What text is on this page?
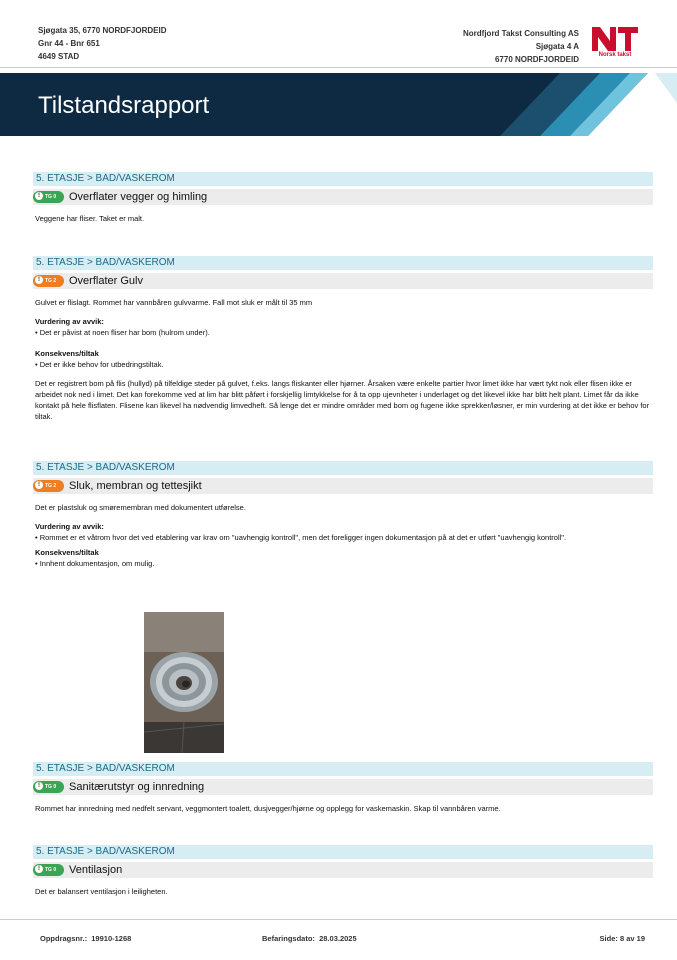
Sjøgata 35, 6770 NORDFJORDEID
Gnr 44 - Bnr 651
4649 STAD
Nordfjord Takst Consulting AS
Sjøgata 4 A
6770 NORDFJORDEID	Norsk takst
Tilstandsrapport
5. ETASJE > BAD/VASKEROM
! TG 0	Overflater vegger og himling
Veggene har fliser. Taket er malt.
5. ETASJE > BAD/VASKEROM
! TG 2	Overflater Gulv
Gulvet er flislagt. Rommet har vannbåren gulvvarme. Fall mot sluk er målt til 35 mm
Vurdering av avvik:
• Det er påvist at noen fliser har bom (hulrom under).
Konsekvens/tiltak
• Det er ikke behov for utbedringstiltak.
Det er registrert bom på flis (hullyd) på tilfeldige steder på gulvet, f.eks. langs fliskanter eller hjørner. Årsaken være enkelte partier hvor limet ikke har vært tykt nok eller flisen ikke er arbeidet nok ned i limet. Det kan forekomme ved at lim har blitt påført i forskjellig limtykkelse for å ta opp ujevnheter i underlaget og det likevel ikke har blitt helt plant. Limet får da ikke kontakt på hele flisflaten. Flisene kan likevel ha nødvendig limvedheft. Så lenge det er mindre områder med bom og fugene ikke sprekker/løsner, er min vurdering at det ikke er behov for tiltak.
5. ETASJE > BAD/VASKEROM
! TG 2	Sluk, membran og tettesjikt
Det er plastsluk og smøremembran med dokumentert utførelse.
Vurdering av avvik:
• Rommet er et våtrom hvor det ved etablering var krav om "uavhengig kontroll", men det foreligger ingen dokumentasjon på at det er utført "uavhengig kontroll".
Konsekvens/tiltak
• Innhent dokumentasjon, om mulig.
5. ETASJE > BAD/VASKEROM
! TG 0	Sanitærutstyr og innredning
Rommet har innredning med nedfelt servant, veggmontert toalett, dusjvegger/hjørne og opplegg for vaskemaskin. Skap til vannbåren varme.
5. ETASJE > BAD/VASKEROM
! TG 0	Ventilasjon
Det er balansert ventilasjon i leiligheten.
Oppdragsnr.: 19910-1268	Befaringsdato: 28.03.2025	Side: 8 av 19
